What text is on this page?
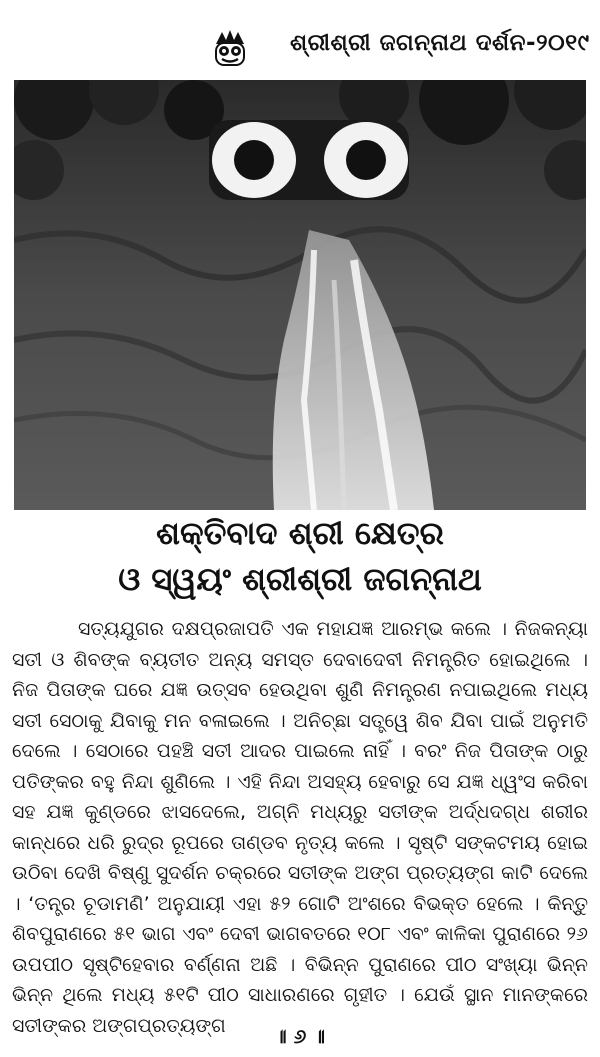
ଶ୍ରୀଶ୍ରୀ ଜଗନ୍ନାଥ ଦର୍ଶନ-୨୦୧୯
ଶକ୍ତିବାଦ ଶ୍ରୀ କ୍ଷେତ୍ର
ଓ ସ୍ୱୟଂ ଶ୍ରୀଶ୍ରୀ ଜଗନ୍ନାଥ

ସତ୍ୟଯୁଗର ଦକ୍ଷପ୍ରଜାପତି ଏକ ମହାଯଜ୍ଞ ଆରମ୍ଭ କଲେ । ନିଜକନ୍ୟା ସତୀ ଓ ଶିବଙ୍କ ବ୍ୟତୀତ ଅନ୍ୟ ସମସ୍ତ ଦେବାଦେବୀ ନିମନ୍ତ୍ରିତ ହୋଇଥିଲେ । ନିଜ ପିତାଙ୍କ ଘରେ ଯଜ୍ଞ ଉତ୍ସବ ହେଉଥିବା ଶୁଣି ନିମନ୍ତ୍ରଣ ନପାଇଥିଲେ ମଧ୍ୟ ସତୀ ସେଠାକୁ ଯିବାକୁ ମନ ବଳାଇଲେ । ଅନିଚ୍ଛା ସତ୍ତ୍ୱେ ଶିବ ଯିବା ପାଇଁ ଅନୁମତି ଦେଲେ । ସେଠାରେ ପହଞ୍ଚି ସତୀ ଆଦର ପାଇଲେ ନାହିଁ । ବରଂ ନିଜ ପିତାଙ୍କ ଠାରୁ ପତିଙ୍କର ବହୁ ନିନ୍ଦା ଶୁଣିଲେ । ଏହି ନିନ୍ଦା ଅସହ୍ୟ ହେବାରୁ ସେ ଯଜ୍ଞ ଧ୍ୱଂସ କରିବା ସହ ଯଜ୍ଞ କୁଣ୍ଡରେ ଝାସଦେଲେ, ଅଗ୍ନି ମଧ୍ୟରୁ ସତୀଙ୍କ ଅର୍ଦ୍ଧଦଗ୍ଧ ଶରୀର କାନ୍ଧରେ ଧରି ରୁଦ୍ର ରୂପରେ ତାଣ୍ଡବ ନୃତ୍ୟ କଲେ । ସୃଷ୍ଟି ସଙ୍କଟମୟ ହୋଇ ଉଠିବା ଦେଖି ବିଷ୍ଣୁ ସୁଦର୍ଶନ ଚକ୍ରରେ ସତୀଙ୍କ ଅଙ୍ଗ ପ୍ରତ୍ୟଙ୍ଗ କାଟି ଦେଲେ । ‘ତନ୍ତ୍ର ଚୂଡାମଣି’ ଅନୁଯାୟୀ ଏହା ୫୨ ଗୋଟି ଅଂଶରେ ବିଭକ୍ତ ହେଲେ । କିନ୍ତୁ ଶିବପୁରାଣରେ ୫୧ ଭାଗ ଏବଂ ଦେବୀ ଭାଗବତରେ ୧୦୮ ଏବଂ କାଳିକା ପୁରାଣରେ ୨୬ ଉପପୀଠ ସୃଷ୍ଟିହେବାର ବର୍ଣ୍ଣନା ଅଛି । ବିଭିନ୍ନ ପୁରାଣରେ ପୀଠ ସଂଖ୍ୟା ଭିନ୍ନ ଭିନ୍ନ ଥିଲେ ମଧ୍ୟ ୫୧ଟି ପୀଠ ସାଧାରଣରେ ଗୃହୀତ । ଯେଉଁ ସ୍ଥାନ ମାନଙ୍କରେ ସତୀଙ୍କର ଅଙ୍ଗପ୍ରତ୍ୟଙ୍ଗ	॥ ୬ ॥
